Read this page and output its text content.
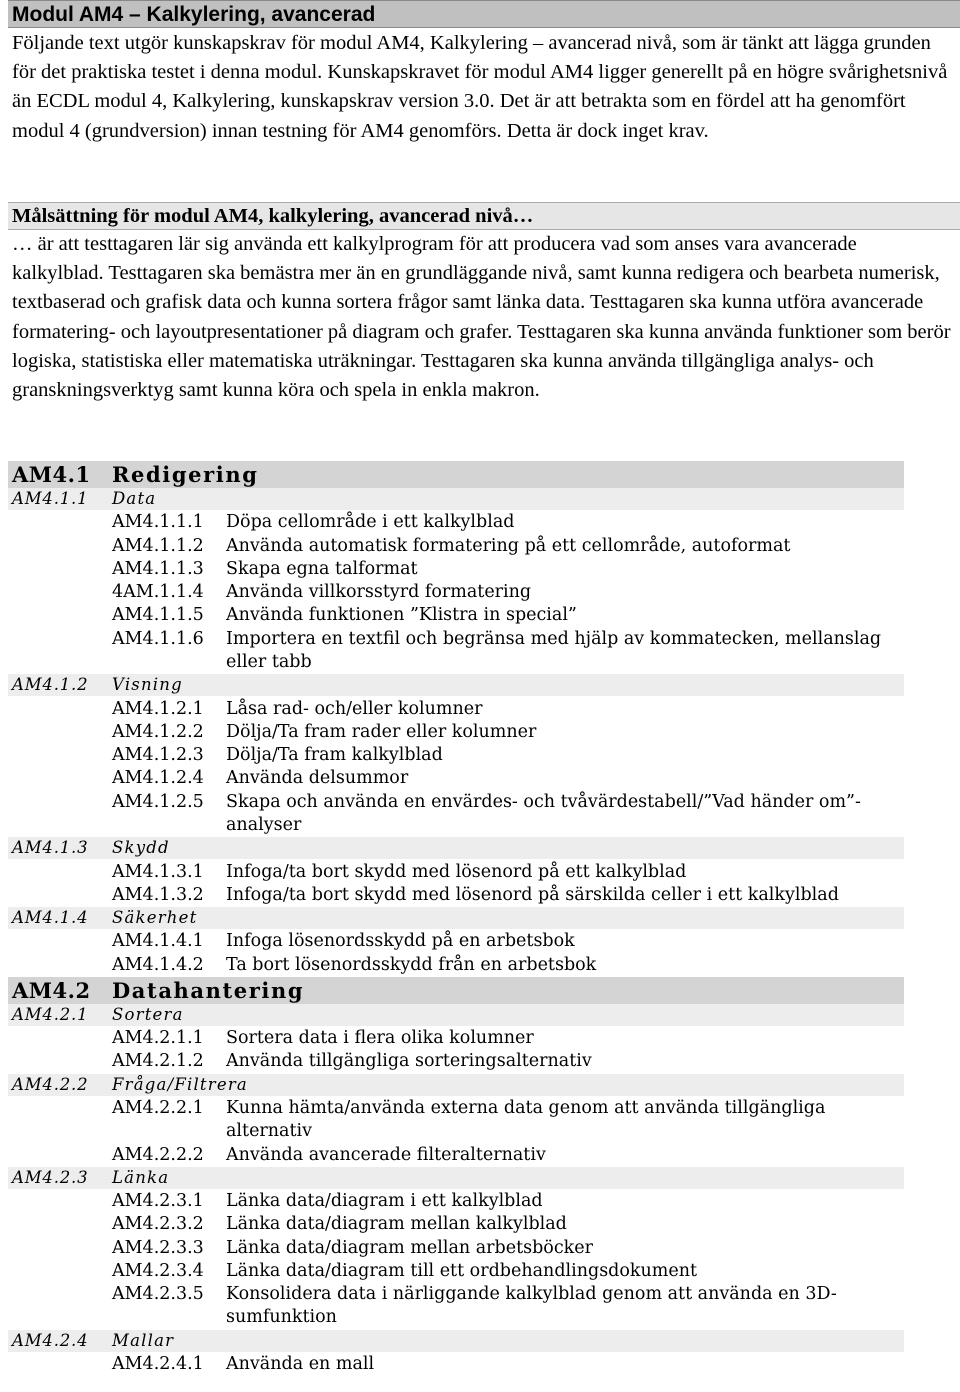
Modul AM4 – Kalkylering, avancerad
Följande text utgör kunskapskrav för modul AM4, Kalkylering – avancerad nivå, som är tänkt att lägga grunden för det praktiska testet i denna modul. Kunskapskravet för modul AM4 ligger generellt på en högre svårighetsnivå än ECDL modul 4, Kalkylering, kunskapskrav version 3.0. Det är att betrakta som en fördel att ha genomfört modul 4 (grundversion) innan testning för AM4 genomförs. Detta är dock inget krav.
Målsättning för modul AM4, kalkylering, avancerad nivå…
… är att testtagaren lär sig använda ett kalkylprogram för att producera vad som anses vara avancerade kalkylblad. Testtagaren ska bemästra mer än en grundläggande nivå, samt kunna redigera och bearbeta numerisk, textbaserad och grafisk data och kunna sortera frågor samt länka data. Testtagaren ska kunna utföra avancerade formatering- och layoutpresentationer på diagram och grafer. Testtagaren ska kunna använda funktioner som berör logiska, statistiska eller matematiska uträkningar. Testtagaren ska kunna använda tillgängliga analys- och granskningsverktyg samt kunna köra och spela in enkla makron.
AM4.1 Redigering
AM4.1.1 Data
AM4.1.1.1 Döpa cellområde i ett kalkylblad
AM4.1.1.2 Använda automatisk formatering på ett cellområde, autoformat
AM4.1.1.3 Skapa egna talformat
4AM.1.1.4 Använda villkorsstyrd formatering
AM4.1.1.5 Använda funktionen ”Klistra in special”
AM4.1.1.6 Importera en textfil och begränsa med hjälp av kommatecken, mellanslag eller tabb
AM4.1.2 Visning
AM4.1.2.1 Låsa rad- och/eller kolumner
AM4.1.2.2 Dölja/Ta fram rader eller kolumner
AM4.1.2.3 Dölja/Ta fram kalkylblad
AM4.1.2.4 Använda delsummor
AM4.1.2.5 Skapa och använda en envärdes- och tvåvärdestabell/”Vad händer om”-analyser
AM4.1.3 Skydd
AM4.1.3.1 Infoga/ta bort skydd med lösenord på ett kalkylblad
AM4.1.3.2 Infoga/ta bort skydd med lösenord på särskilda celler i ett kalkylblad
AM4.1.4 Säkerhet
AM4.1.4.1 Infoga lösenordsskydd på en arbetsbok
AM4.1.4.2 Ta bort lösenordsskydd från en arbetsbok
AM4.2 Datahantering
AM4.2.1 Sortera
AM4.2.1.1 Sortera data i flera olika kolumner
AM4.2.1.2 Använda tillgängliga sorteringsalternativ
AM4.2.2 Fråga/Filtrera
AM4.2.2.1 Kunna hämta/använda externa data genom att använda tillgängliga alternativ
AM4.2.2.2 Använda avancerade filteralternativ
AM4.2.3 Länka
AM4.2.3.1 Länka data/diagram i ett kalkylblad
AM4.2.3.2 Länka data/diagram mellan kalkylblad
AM4.2.3.3 Länka data/diagram mellan arbetsböcker
AM4.2.3.4 Länka data/diagram till ett ordbehandlingsdokument
AM4.2.3.5 Konsolidera data i närliggande kalkylblad genom att använda en 3D-sumfunktion
AM4.2.4 Mallar
AM4.2.4.1 Använda en mall
